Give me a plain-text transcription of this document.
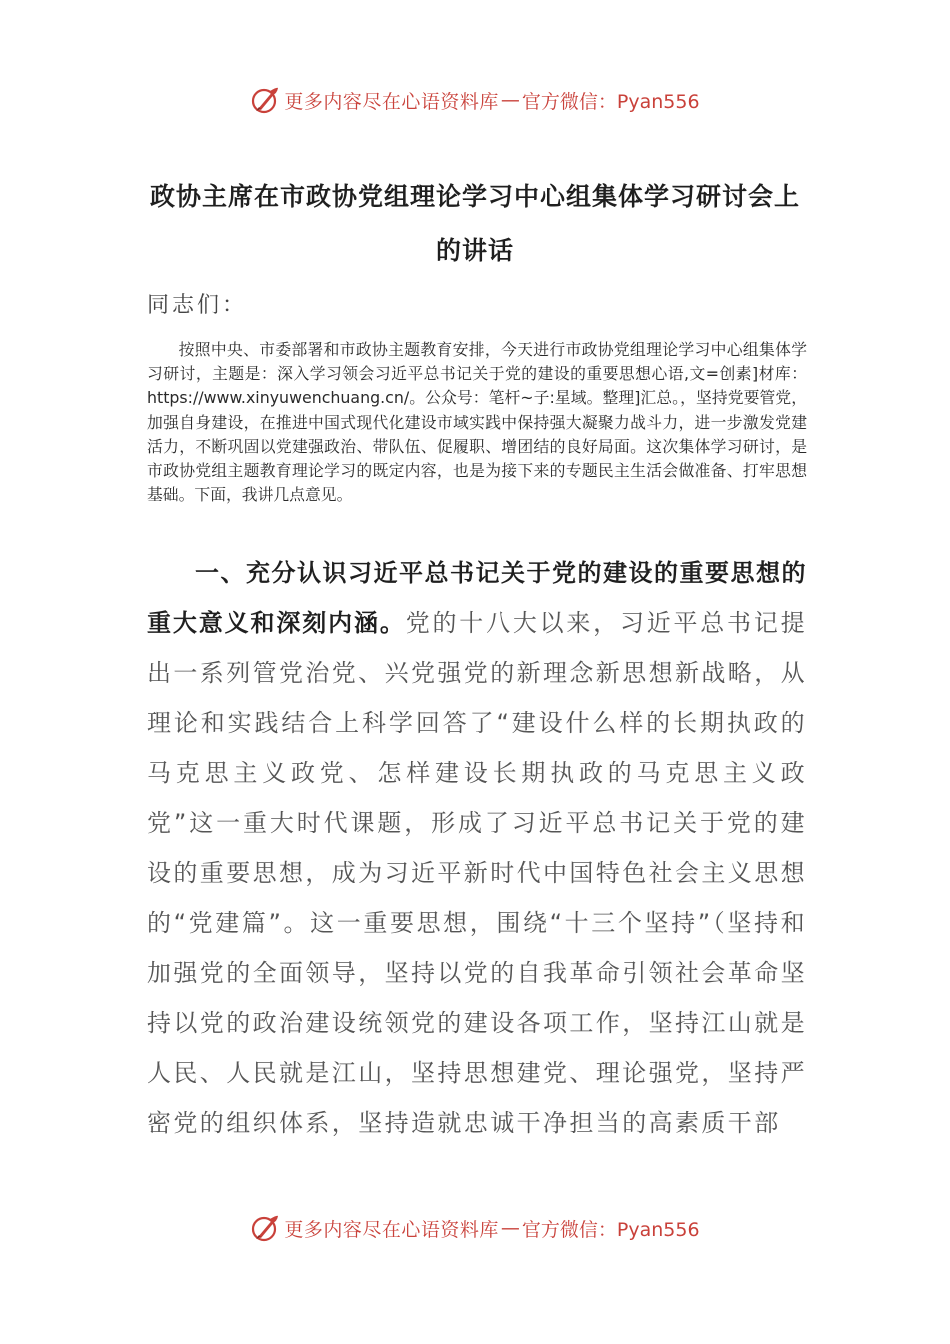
更多内容尽在心语资料库 — 官方微信：Pyan556
政协主席在市政协党组理论学习中心组集体学习研讨会上的讲话
同志们：

按照中央、市委部署和市政协主题教育安排，今天进行市政协党组理论学习中心组集体学习研讨，主题是：深入学习领会习近平总书记关于党的建设的重要思想心语,文=创素]材库：https://www.xinyuwenchuang.cn/。公众号：笔杆~子:星域。整理]汇总。，坚持党要管党，加强自身建设，在推进中国式现代化建设市域实践中保持强大凝聚力战斗力，进一步激发党建活力，不断巩固以党建强政治、带队伍、促履职、增团结的良好局面。这次集体学习研讨，是市政协党组主题教育理论学习的既定内容，也是为接下来的专题民主生活会做准备、打牢思想基础。下面，我讲几点意见。

一、充分认识习近平总书记关于党的建设的重要思想的重大意义和深刻内涵。党的十八大以来，习近平总书记提出一系列管党治党、兴党强党的新理念新思想新战略，从理论和实践结合上科学回答了“建设什么样的长期执政的马克思主义政党、怎样建设长期执政的马克思主义政党”这一重大时代课题，形成了习近平总书记关于党的建设的重要思想，成为习近平新时代中国特色社会主义思想的“党建篇”。这一重要思想，围绕“十三个坚持”（坚持和加强党的全面领导，坚持以党的自我革命引领社会革命坚持以党的政治建设统领党的建设各项工作，坚持江山就是人民、人民就是江山，坚持思想建党、理论强党，坚持严密党的组织体系，坚持造就忠诚干净担当的高素质干部

更多内容尽在心语资料库 — 官方微信：Pyan556
